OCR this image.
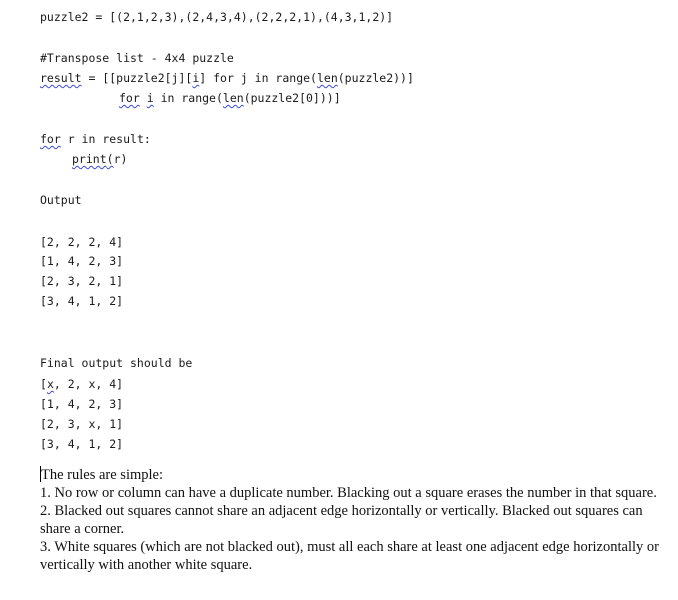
puzzle2 = [(2,1,2,3),(2,4,3,4),(2,2,2,1),(4,3,1,2)]
#Transpose list - 4x4 puzzle
result = [[puzzle2[j][i] for j in range(len(puzzle2))]
for i in range(len(puzzle2[0]))]
for r in result:
print(r)
Output
[2, 2, 2, 4]
[1, 4, 2, 3]
[2, 3, 2, 1]
[3, 4, 1, 2]
Final output should be
[x, 2, x, 4]
[1, 4, 2, 3]
[2, 3, x, 1]
[3, 4, 1, 2]

The rules are simple:

1. No row or column can have a duplicate number. Blacking out a square erases the number in that square.

2. Blacked out squares cannot share an adjacent edge horizontally or vertically. Blacked out squares can share a corner.

3. White squares (which are not blacked out), must all each share at least one adjacent edge horizontally or vertically with another white square.
